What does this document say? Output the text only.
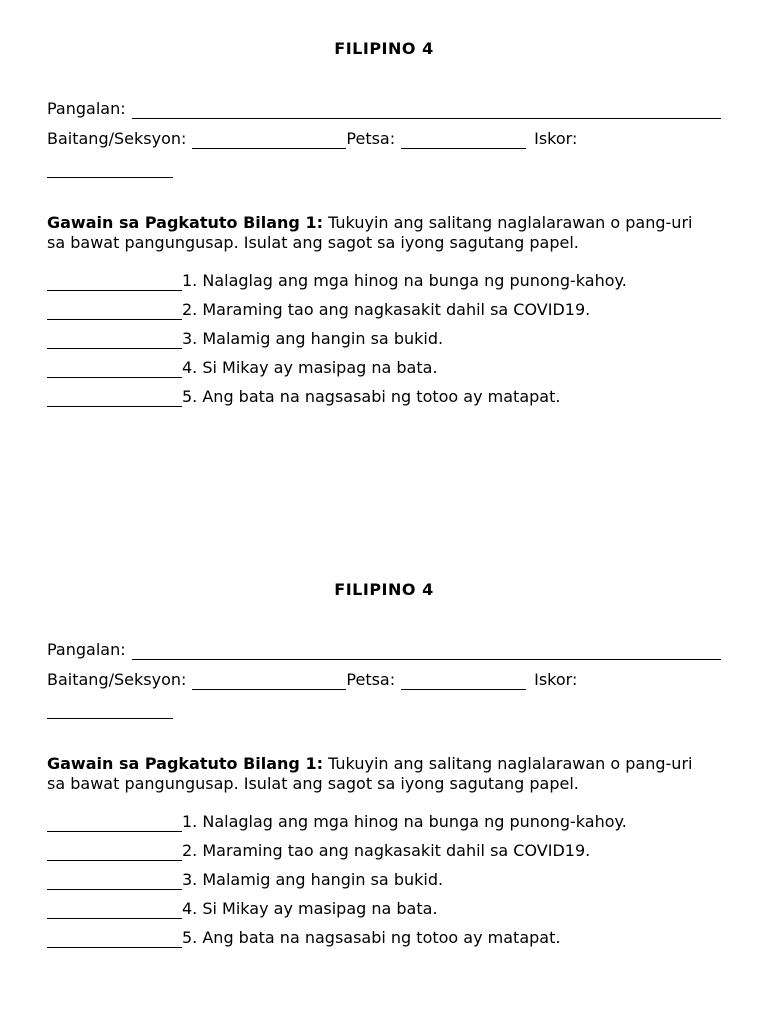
FILIPINO 4
Pangalan:
Baitang/Seksyon:	Petsa:	Iskor:
Gawain sa Pagkatuto Bilang 1: Tukuyin ang salitang naglalarawan o pang-uri sa bawat pangungusap. Isulat ang sagot sa iyong sagutang papel.
1. Nalaglag ang mga hinog na bunga ng punong-kahoy.
2. Maraming tao ang nagkasakit dahil sa COVID19.
3. Malamig ang hangin sa bukid.
4. Si Mikay ay masipag na bata.
5. Ang bata na nagsasabi ng totoo ay matapat.
FILIPINO 4
Pangalan:
Baitang/Seksyon:	Petsa:	Iskor:
Gawain sa Pagkatuto Bilang 1: Tukuyin ang salitang naglalarawan o pang-uri sa bawat pangungusap. Isulat ang sagot sa iyong sagutang papel.
1. Nalaglag ang mga hinog na bunga ng punong-kahoy.
2. Maraming tao ang nagkasakit dahil sa COVID19.
3. Malamig ang hangin sa bukid.
4. Si Mikay ay masipag na bata.
5. Ang bata na nagsasabi ng totoo ay matapat.
